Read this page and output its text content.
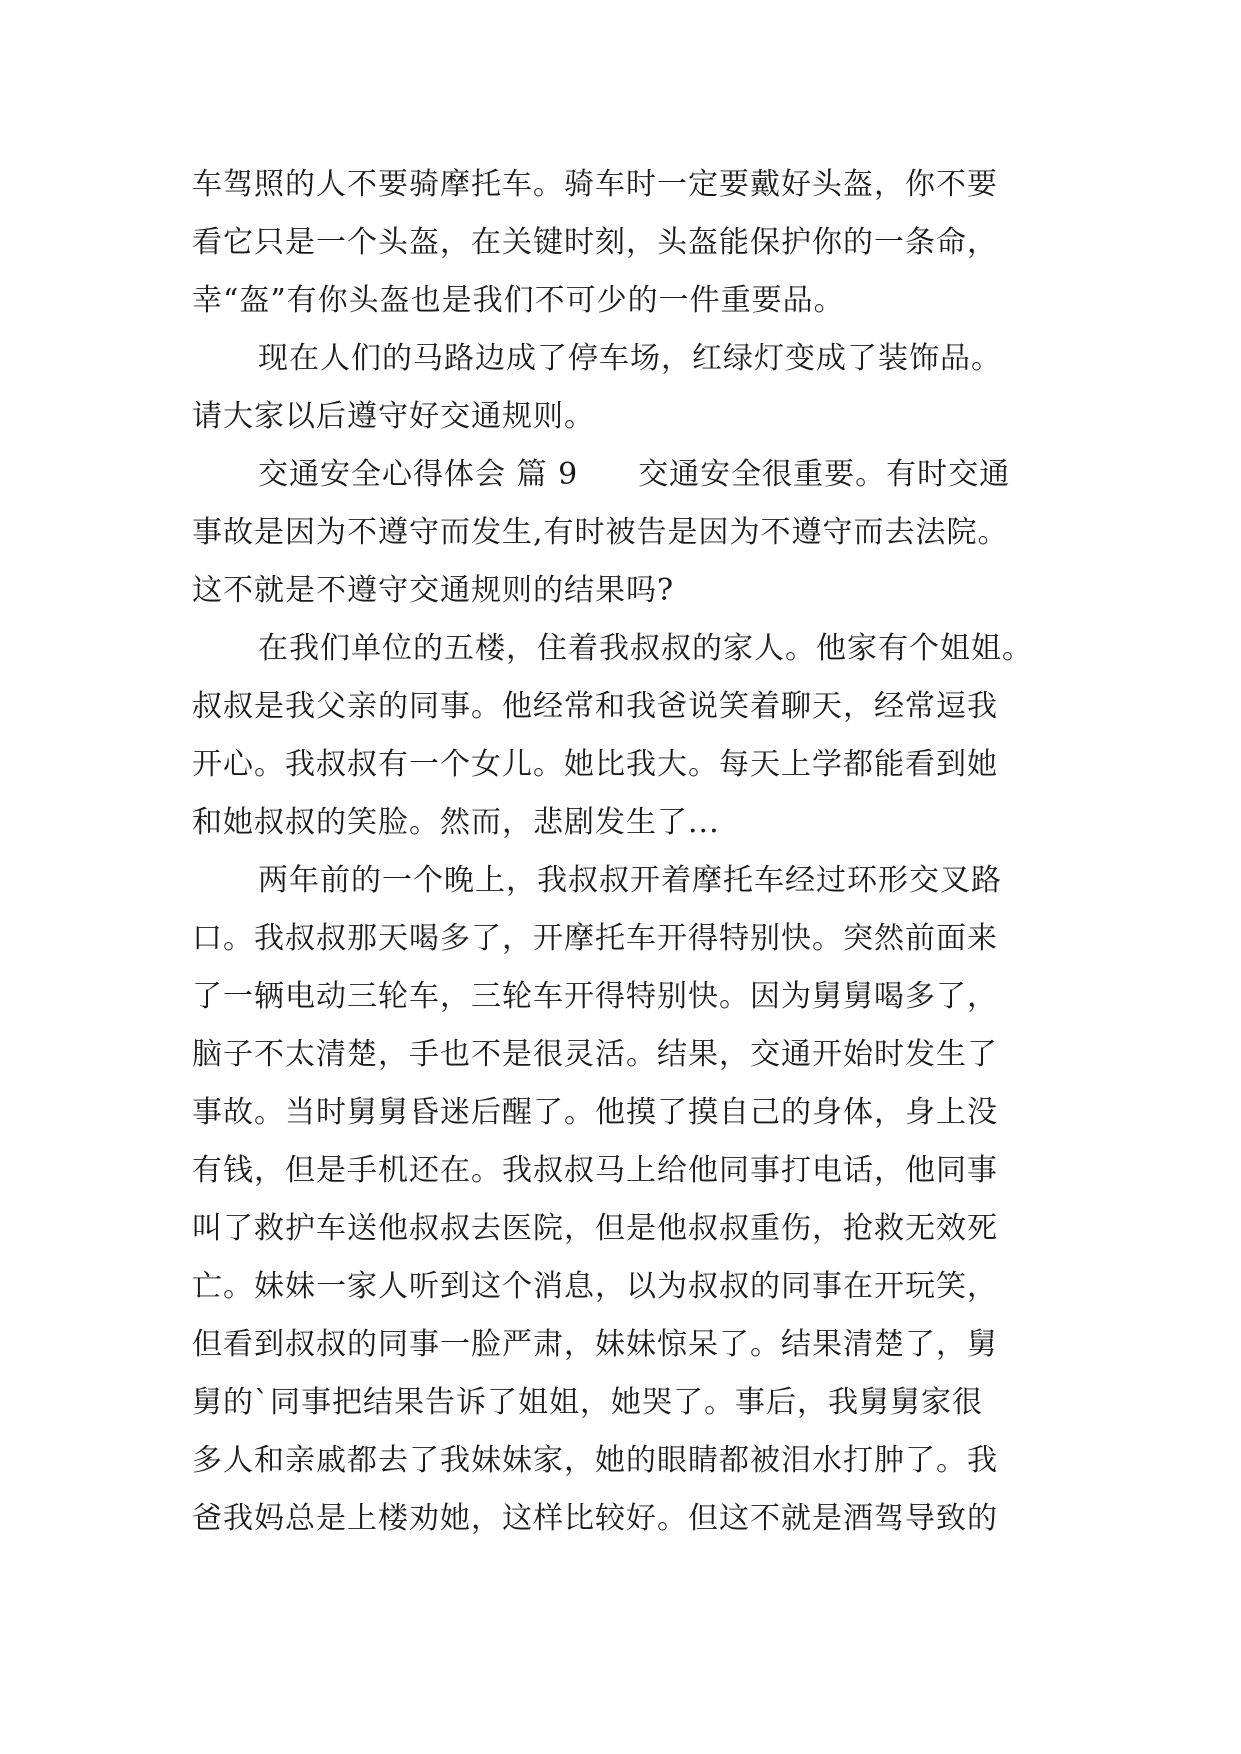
车驾照的人不要骑摩托车。骑车时一定要戴好头盔，你不要
看它只是一个头盔，在关键时刻，头盔能保护你的一条命，
幸“盔”有你头盔也是我们不可少的一件重要品。
现在人们的马路边成了停车场，红绿灯变成了装饰品。
请大家以后遵守好交通规则。
交通安全心得体会 篇 9 交通安全很重要。有时交通
事故是因为不遵守而发生,有时被告是因为不遵守而去法院。
这不就是不遵守交通规则的结果吗?
在我们单位的五楼，住着我叔叔的家人。他家有个姐姐。
叔叔是我父亲的同事。他经常和我爸说笑着聊天，经常逗我
开心。我叔叔有一个女儿。她比我大。每天上学都能看到她
和她叔叔的笑脸。然而，悲剧发生了...
两年前的一个晚上，我叔叔开着摩托车经过环形交叉路
口。我叔叔那天喝多了，开摩托车开得特别快。突然前面来
了一辆电动三轮车，三轮车开得特别快。因为舅舅喝多了，
脑子不太清楚，手也不是很灵活。结果，交通开始时发生了
事故。当时舅舅昏迷后醒了。他摸了摸自己的身体，身上没
有钱，但是手机还在。我叔叔马上给他同事打电话，他同事
叫了救护车送他叔叔去医院，但是他叔叔重伤，抢救无效死
亡。妹妹一家人听到这个消息，以为叔叔的同事在开玩笑，
但看到叔叔的同事一脸严肃，妹妹惊呆了。结果清楚了，舅
舅的`同事把结果告诉了姐姐，她哭了。事后，我舅舅家很
多人和亲戚都去了我妹妹家，她的眼睛都被泪水打肿了。我
爸我妈总是上楼劝她，这样比较好。但这不就是酒驾导致的
